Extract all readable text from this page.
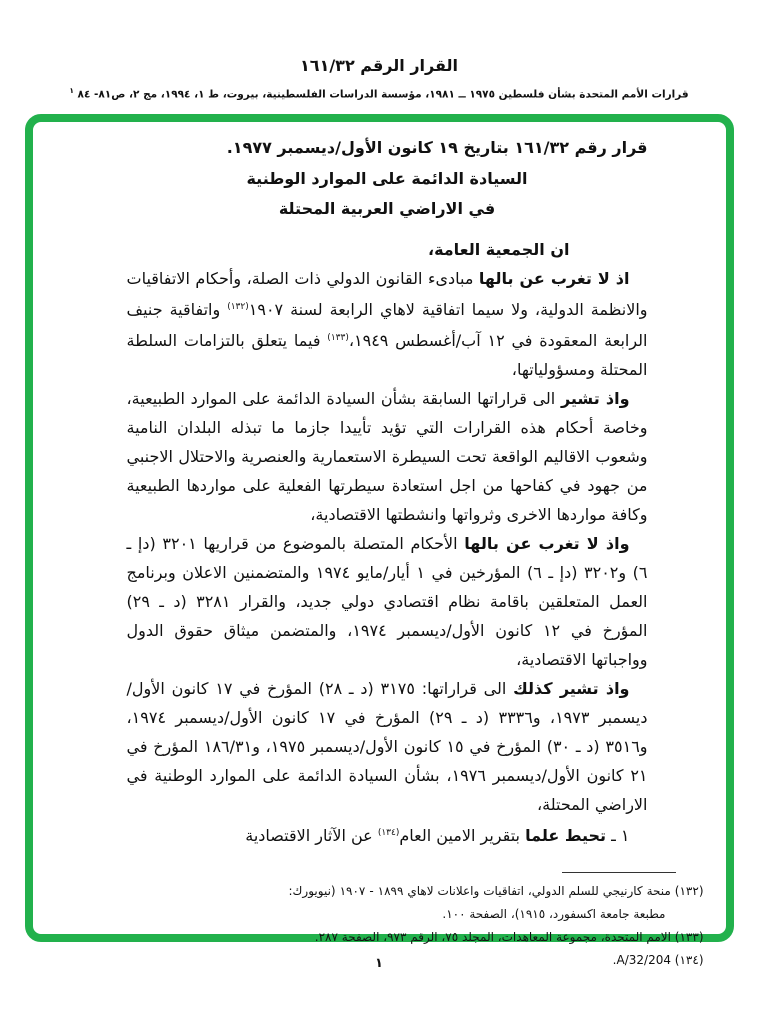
القرار الرقم ١٦١/٣٢
قرارات الأمم المتحدة بشأن فلسطين ١٩٧٥ ــ ١٩٨١، مؤسسة الدراسات الفلسطينية، بيروت، ط ١، ١٩٩٤، مج ٢، ص٨١- ٨٤ $^١$

قرار رقم ١٦١/٣٢ بتاريخ ١٩ كانون الأول/ديسمبر ١٩٧٧.

السيادة الدائمة على الموارد الوطنية
في الاراضي العربية المحتلة

ان الجمعية العامة،

اذ لا تغرب عن بالها مبادىء القانون الدولي ذات الصلة، وأحكام الاتفاقيات والانظمة الدولية، ولا سيما اتفاقية لاهاي الرابعة لسنة ١٩٠٧$^{(١٣٢)}$ واتفاقية جنيف الرابعة المعقودة في ١٢ آب/أغسطس ١٩٤٩،$^{(١٣٣)}$ فيما يتعلق بالتزامات السلطة المحتلة ومسؤولياتها،

واذ تشير الى قراراتها السابقة بشأن السيادة الدائمة على الموارد الطبيعية، وخاصة أحكام هذه القرارات التي تؤيد تأييدا جازما ما تبذله البلدان النامية وشعوب الاقاليم الواقعة تحت السيطرة الاستعمارية والعنصرية والاحتلال الاجنبي من جهود في كفاحها من اجل استعادة سيطرتها الفعلية على مواردها الطبيعية وكافة مواردها الاخرى وثرواتها وانشطتها الاقتصادية،

واذ لا تغرب عن بالها الأحكام المتصلة بالموضوع من قراريها ٣٢٠١ (دإ ـ ٦) و٣٢٠٢ (دإ ـ ٦) المؤرخين في ١ أيار/مايو ١٩٧٤ والمتضمنين الاعلان وبرنامج العمل المتعلقين باقامة نظام اقتصادي دولي جديد، والقرار ٣٢٨١ (د ـ ٢٩) المؤرخ في ١٢ كانون الأول/ديسمبر ١٩٧٤، والمتضمن ميثاق حقوق الدول وواجباتها الاقتصادية،

واذ تشير كذلك الى قراراتها: ٣١٧٥ (د ـ ٢٨) المؤرخ في ١٧ كانون الأول/ديسمبر ١٩٧٣، و٣٣٣٦ (د ـ ٢٩) المؤرخ في ١٧ كانون الأول/ديسمبر ١٩٧٤، و٣٥١٦ (د ـ ٣٠) المؤرخ في ١٥ كانون الأول/ديسمبر ١٩٧٥، و١٨٦/٣١ المؤرخ في ٢١ كانون الأول/ديسمبر ١٩٧٦، بشأن السيادة الدائمة على الموارد الوطنية في الاراضي المحتلة،

١ ـ تحيط علما بتقرير الامين العام$^{(١٣٤)}$ عن الآثار الاقتصادية

(١٣٢) منحة كارنيجي للسلم الدولي، اتفاقيات واعلانات لاهاي ١٨٩٩ - ١٩٠٧ (نيويورك: مطبعة جامعة اكسفورد، ١٩١٥)، الصفحة ١٠٠.

(١٣٣) الامم المتحدة، مجموعة المعاهدات، المجلد ٧٥، الرقم ٩٧٣، الصفحة ٢٨٧.

(١٣٤) A/32/204.

١
